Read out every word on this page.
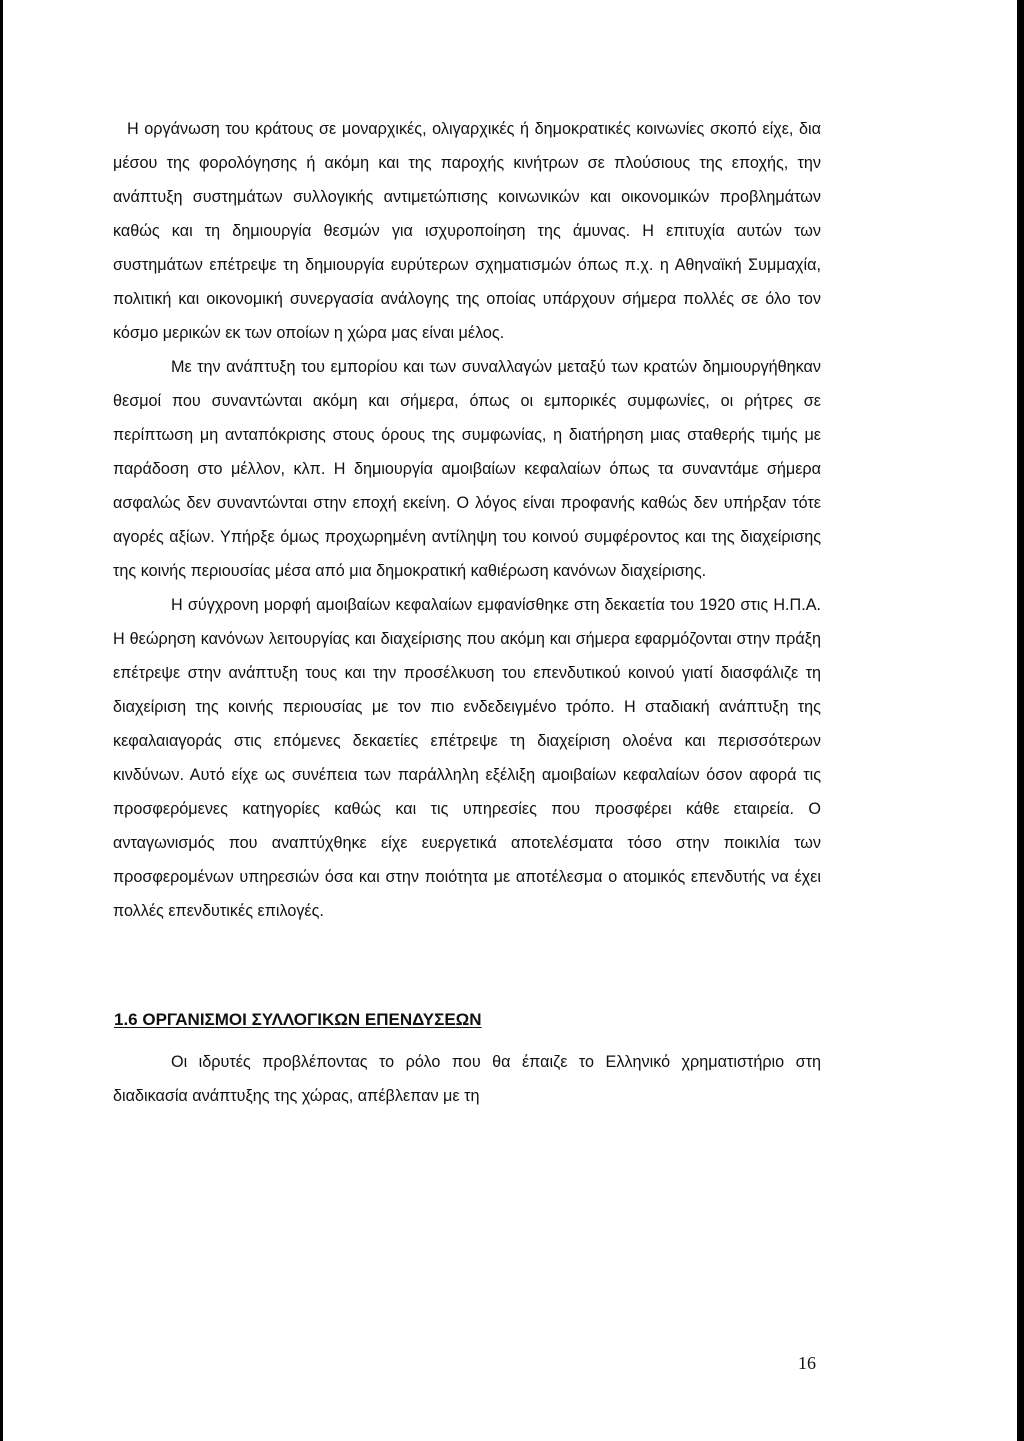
Η οργάνωση του κράτους σε μοναρχικές, ολιγαρχικές ή δημοκρατικές κοινωνίες σκοπό είχε, δια μέσου της φορολόγησης ή ακόμη και της παροχής κινήτρων σε πλούσιους της εποχής, την ανάπτυξη συστημάτων συλλογικής αντιμετώπισης κοινωνικών και οικονομικών προβλημάτων καθώς και τη δημιουργία θεσμών για ισχυροποίηση της άμυνας. Η επιτυχία αυτών των συστημάτων επέτρεψε τη δημιουργία ευρύτερων σχηματισμών όπως π.χ. η Αθηναϊκή Συμμαχία, πολιτική και οικονομική συνεργασία ανάλογης της οποίας υπάρχουν σήμερα πολλές σε όλο τον κόσμο μερικών εκ των οποίων η χώρα μας είναι μέλος.

Με την ανάπτυξη του εμπορίου και των συναλλαγών μεταξύ των κρατών δημιουργήθηκαν θεσμοί που συναντώνται ακόμη και σήμερα, όπως οι εμπορικές συμφωνίες, οι ρήτρες σε περίπτωση μη ανταπόκρισης στους όρους της συμφωνίας, η διατήρηση μιας σταθερής τιμής με παράδοση στο μέλλον, κλπ. Η δημιουργία αμοιβαίων κεφαλαίων όπως τα συναντάμε σήμερα ασφαλώς δεν συναντώνται στην εποχή εκείνη. Ο λόγος είναι προφανής καθώς δεν υπήρξαν τότε αγορές αξίων. Υπήρξε όμως προχωρημένη αντίληψη του κοινού συμφέροντος και της διαχείρισης της κοινής περιουσίας μέσα από μια δημοκρατική καθιέρωση κανόνων διαχείρισης.

Η σύγχρονη μορφή αμοιβαίων κεφαλαίων εμφανίσθηκε στη δεκαετία του 1920 στις Η.Π.Α. Η θεώρηση κανόνων λειτουργίας και διαχείρισης που ακόμη και σήμερα εφαρμόζονται στην πράξη επέτρεψε στην ανάπτυξη τους και την προσέλκυση του επενδυτικού κοινού γιατί διασφάλιζε τη διαχείριση της κοινής περιουσίας με τον πιο ενδεδειγμένο τρόπο. Η σταδιακή ανάπτυξη της κεφαλαιαγοράς στις επόμενες δεκαετίες επέτρεψε τη διαχείριση ολοένα και περισσότερων κινδύνων. Αυτό είχε ως συνέπεια των παράλληλη εξέλιξη αμοιβαίων κεφαλαίων όσον αφορά τις προσφερόμενες κατηγορίες καθώς και τις υπηρεσίες που προσφέρει κάθε εταιρεία. Ο ανταγωνισμός που αναπτύχθηκε είχε ευεργετικά αποτελέσματα τόσο στην ποικιλία των προσφερομένων υπηρεσιών όσα και στην ποιότητα με αποτέλεσμα ο ατομικός επενδυτής να έχει πολλές επενδυτικές επιλογές.

1.6 ΟΡΓΑΝΙΣΜΟΙ ΣΥΛΛΟΓΙΚΩΝ ΕΠΕΝΔΥΣΕΩΝ

Οι ιδρυτές προβλέποντας το ρόλο που θα έπαιζε το Ελληνικό χρηματιστήριο στη διαδικασία ανάπτυξης της χώρας, απέβλεπαν με τη

16
